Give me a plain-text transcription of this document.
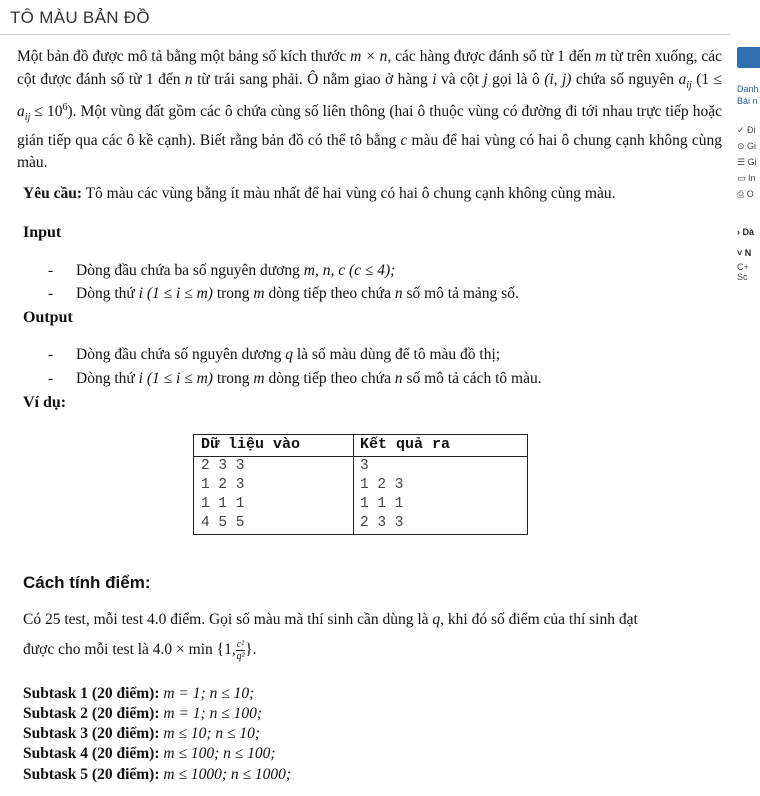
TÔ MÀU BẢN ĐỒ
Một bản đồ được mô tả bằng một bảng số kích thước m × n, các hàng được đánh số từ 1 đến m từ trên xuống, các cột được đánh số từ 1 đến n từ trái sang phải. Ô nằm giao ở hàng i và cột j gọi là ô (i, j) chứa số nguyên $a_{ij}$ $(1 \le a_{ij} \le 10^6)$. Một vùng đất gồm các ô chứa cùng số liên thông (hai ô thuộc vùng có đường đi tới nhau trực tiếp hoặc gián tiếp qua các ô kề cạnh). Biết rằng bản đồ có thể tô bằng c màu để hai vùng có hai ô chung cạnh không cùng màu.
Yêu cầu: Tô màu các vùng bằng ít màu nhất để hai vùng có hai ô chung cạnh không cùng màu.
Input
- Dòng đầu chứa ba số nguyên dương m, n, c (c ≤ 4);
- Dòng thứ i (1 ≤ i ≤ m) trong m dòng tiếp theo chứa n số mô tả mảng số.
Output
- Dòng đầu chứa số nguyên dương q là số màu dùng để tô màu đồ thị;
- Dòng thứ i (1 ≤ i ≤ m) trong m dòng tiếp theo chứa n số mô tả cách tô màu.
Ví dụ:
Dữ liệu vào	Kết quả ra
2 3 3
1 2 3
1 1 1
4 5 5
3
1 2 3
1 1 1
2 3 3
Cách tính điểm:
Có 25 test, mỗi test 4.0 điểm. Gọi số màu mà thí sinh cần dùng là q, khi đó số điểm của thí sinh đạt
được cho mỗi test là 4.0 × min {1, $\frac{\text{c²}}{\text{q²}}$ }.
Subtask 1 (20 điểm): m = 1; n ≤ 10;
Subtask 2 (20 điểm): m = 1; n ≤ 100;
Subtask 3 (20 điểm): m ≤ 10; n ≤ 10;
Subtask 4 (20 điểm): m ≤ 100; n ≤ 100;
Subtask 5 (20 điểm): m ≤ 1000; n ≤ 1000;
Danh
Bài n
✓ Đi
⊙ Gi
☰ Gi
▭ In
⎙ O
› Dà
˅ N
C+
Sc
